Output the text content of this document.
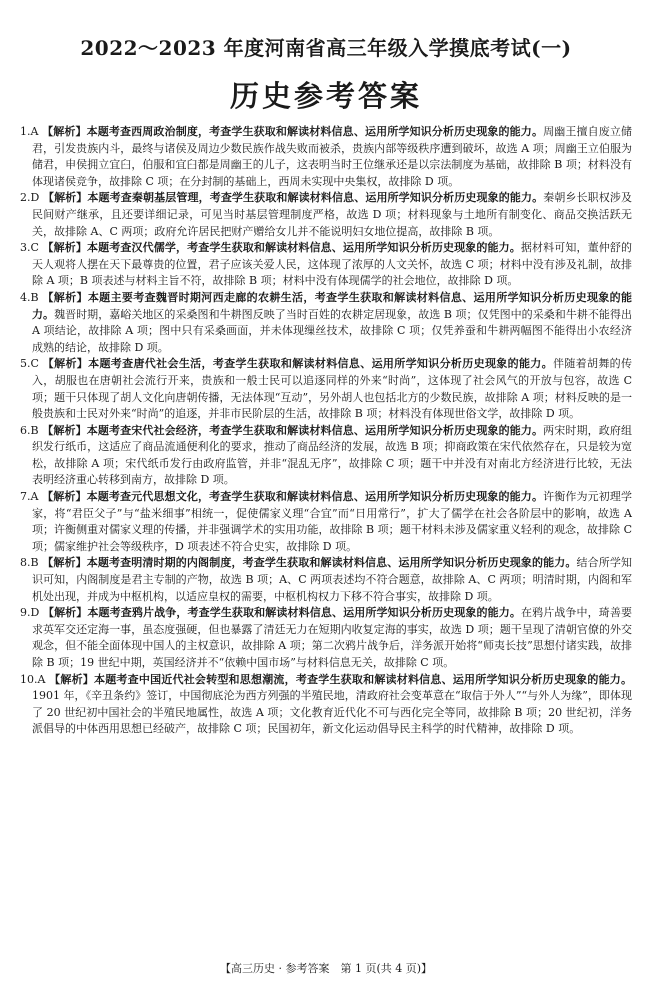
2022～2023 年度河南省高三年级入学摸底考试(一)
历史参考答案

1.A 【解析】本题考查西周政治制度，考查学生获取和解读材料信息、运用所学知识分析历史现象的能力。周幽王擅自废立储君，引发贵族内斗，最终与诸侯及周边少数民族作战失败而被杀，贵族内部等级秩序遭到破坏，故选 A 项；周幽王立伯服为储君，申侯拥立宜臼，伯服和宜臼都是周幽王的儿子，这表明当时王位继承还是以宗法制度为基础，故排除 B 项；材料没有体现诸侯竞争，故排除 C 项；在分封制的基础上，西周未实现中央集权，故排除 D 项。

2.D 【解析】本题考查秦朝基层管理，考查学生获取和解读材料信息、运用所学知识分析历史现象的能力。秦朝乡长职权涉及民间财产继承，且还要详细记录，可见当时基层管理制度严格，故选 D 项；材料现象与土地所有制变化、商品交换活跃无关，故排除 A、C 两项；政府允许居民把财产赠给女儿并不能说明妇女地位提高，故排除 B 项。

3.C 【解析】本题考查汉代儒学，考查学生获取和解读材料信息、运用所学知识分析历史现象的能力。据材料可知，董仲舒的天人观将人摆在天下最尊贵的位置，君子应该关爱人民，这体现了浓厚的人文关怀，故选 C 项；材料中没有涉及礼制，故排除 A 项；B 项表述与材料主旨不符，故排除 B 项；材料中没有体现儒学的社会地位，故排除 D 项。

4.B 【解析】本题主要考查魏晋时期河西走廊的农耕生活，考查学生获取和解读材料信息、运用所学知识分析历史现象的能力。魏晋时期，嘉峪关地区的采桑图和牛耕图反映了当时百姓的农耕定居现象，故选 B 项；仅凭图中的采桑和牛耕不能得出 A 项结论，故排除 A 项；图中只有采桑画面，并未体现缫丝技术，故排除 C 项；仅凭养蚕和牛耕两幅图不能得出小农经济成熟的结论，故排除 D 项。

5.C 【解析】本题考查唐代社会生活，考查学生获取和解读材料信息、运用所学知识分析历史现象的能力。伴随着胡舞的传入，胡服也在唐朝社会流行开来，贵族和一般士民可以追逐同样的外来“时尚”，这体现了社会风气的开放与包容，故选 C 项；题干只体现了胡人文化向唐朝传播，无法体现“互动”，另外胡人也包括北方的少数民族，故排除 A 项；材料反映的是一般贵族和士民对外来“时尚”的追逐，并非市民阶层的生活，故排除 B 项；材料没有体现世俗文学，故排除 D 项。

6.B 【解析】本题考查宋代社会经济，考查学生获取和解读材料信息、运用所学知识分析历史现象的能力。两宋时期，政府组织发行纸币，这适应了商品流通便利化的要求，推动了商品经济的发展，故选 B 项；抑商政策在宋代依然存在，只是较为宽松，故排除 A 项；宋代纸币发行由政府监管，并非“混乱无序”，故排除 C 项；题干中并没有对南北方经济进行比较，无法表明经济重心转移到南方，故排除 D 项。

7.A 【解析】本题考查元代思想文化，考查学生获取和解读材料信息、运用所学知识分析历史现象的能力。许衡作为元初理学家，将“君臣父子”与“盐米细事”相统一，促使儒家义理“合宜”而“日用常行”，扩大了儒学在社会各阶层中的影响，故选 A 项；许衡侧重对儒家义理的传播，并非强调学术的实用功能，故排除 B 项；题干材料未涉及儒家重义轻利的观念，故排除 C 项；儒家维护社会等级秩序，D 项表述不符合史实，故排除 D 项。

8.B 【解析】本题考查明清时期的内阁制度，考查学生获取和解读材料信息、运用所学知识分析历史现象的能力。结合所学知识可知，内阁制度是君主专制的产物，故选 B 项；A、C 两项表述均不符合题意，故排除 A、C 两项；明清时期，内阁和军机处出现，并成为中枢机构，以适应皇权的需要，中枢机构权力下移不符合事实，故排除 D 项。

9.D 【解析】本题考查鸦片战争，考查学生获取和解读材料信息、运用所学知识分析历史现象的能力。在鸦片战争中，琦善要求英军交还定海一事，虽态度强硬，但也暴露了清廷无力在短期内收复定海的事实，故选 D 项；题干呈现了清朝官僚的外交观念，但不能全面体现中国人的主权意识，故排除 A 项；第二次鸦片战争后，洋务派开始将“师夷长技”思想付诸实践，故排除 B 项；19 世纪中期，英国经济并不“依赖中国市场”与材料信息无关，故排除 C 项。

10.A 【解析】本题考查中国近代社会转型和思想潮流，考查学生获取和解读材料信息、运用所学知识分析历史现象的能力。1901 年，《辛丑条约》签订，中国彻底沦为西方列强的半殖民地，清政府社会变革意在“取信于外人”“与外人为缘”，即体现了 20 世纪初中国社会的半殖民地属性，故选 A 项；文化教育近代化不可与西化完全等同，故排除 B 项；20 世纪初，洋务派倡导的中体西用思想已经破产，故排除 C 项；民国初年，新文化运动倡导民主科学的时代精神，故排除 D 项。

【高三历史 · 参考答案　第 1 页(共 4 页)】
